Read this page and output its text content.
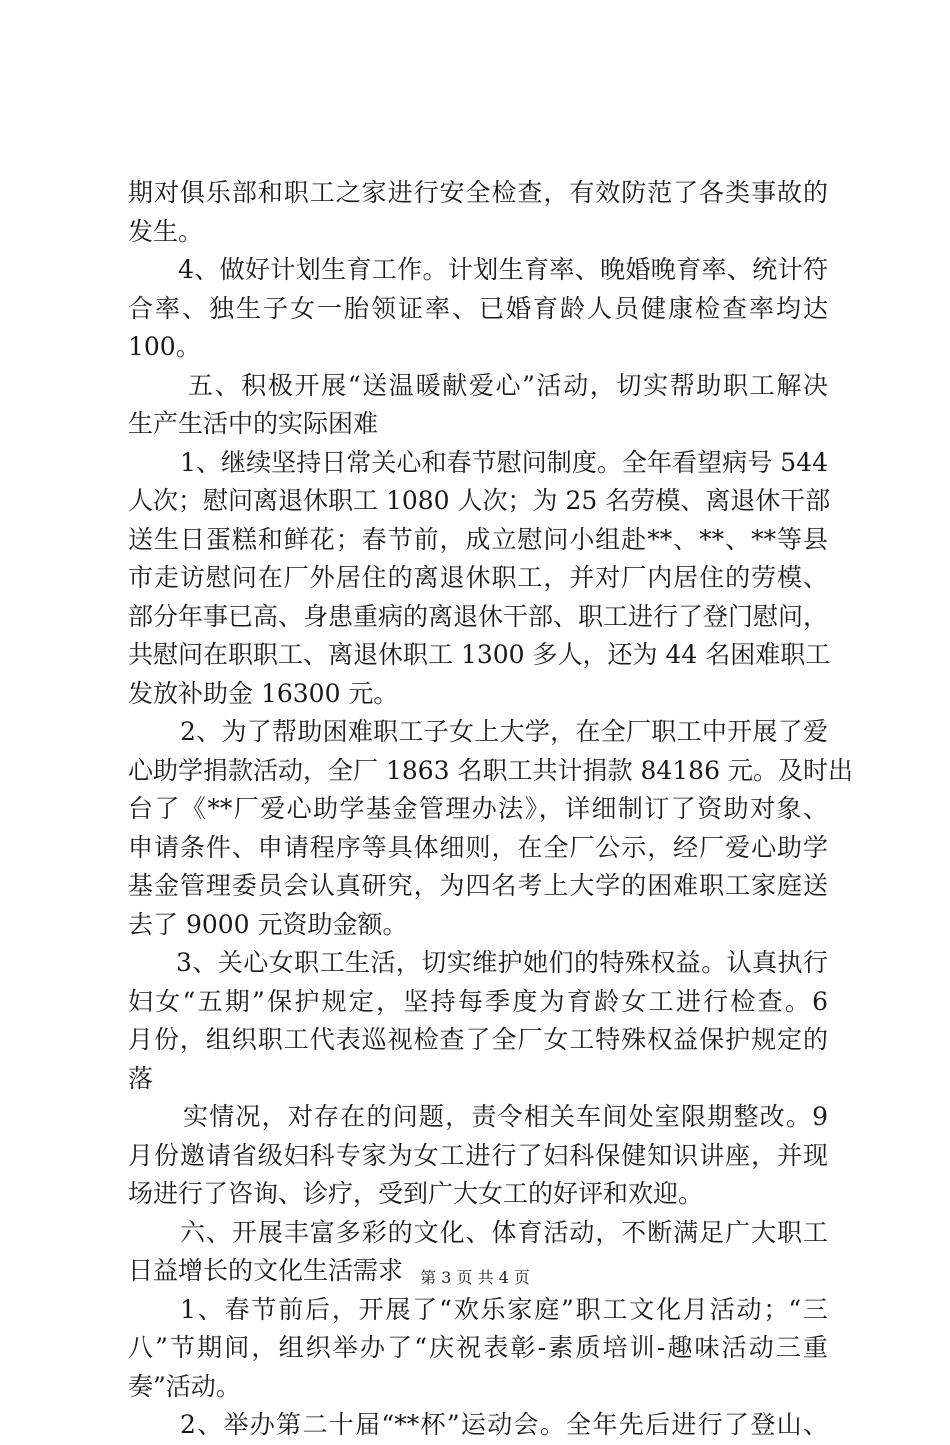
期对俱乐部和职工之家进行安全检查，有效防范了各类事故的
发生。
4、做好计划生育工作。计划生育率、晚婚晚育率、统计符
合率、独生子女一胎领证率、已婚育龄人员健康检查率均达
100。
五、积极开展“送温暖献爱心”活动，切实帮助职工解决
生产生活中的实际困难
1、继续坚持日常关心和春节慰问制度。全年看望病号 544
人次；慰问离退休职工 1080 人次；为 25 名劳模、离退休干部
送生日蛋糕和鲜花；春节前，成立慰问小组赴**、**、**等县
市走访慰问在厂外居住的离退休职工，并对厂内居住的劳模、
部分年事已高、身患重病的离退休干部、职工进行了登门慰问，
共慰问在职职工、离退休职工 1300 多人，还为 44 名困难职工
发放补助金 16300 元。
2、为了帮助困难职工子女上大学，在全厂职工中开展了爱
心助学捐款活动，全厂 1863 名职工共计捐款 84186 元。及时出
台了《**厂爱心助学基金管理办法》，详细制订了资助对象、
申请条件、申请程序等具体细则，在全厂公示，经厂爱心助学
基金管理委员会认真研究，为四名考上大学的困难职工家庭送
去了 9000 元资助金额。
3、关心女职工生活，切实维护她们的特殊权益。认真执行
妇女“五期”保护规定，坚持每季度为育龄女工进行检查。6
月份，组织职工代表巡视检查了全厂女工特殊权益保护规定的
落
实情况，对存在的问题，责令相关车间处室限期整改。9
月份邀请省级妇科专家为女工进行了妇科保健知识讲座，并现
场进行了咨询、诊疗，受到广大女工的好评和欢迎。
六、开展丰富多彩的文化、体育活动，不断满足广大职工
日益增长的文化生活需求
1、春节前后，开展了“欢乐家庭”职工文化月活动；“三
八”节期间，组织举办了“庆祝表彰-素质培训-趣味活动三重
奏”活动。
2、举办第二十届“**杯”运动会。全年先后进行了登山、
第 3 页 共 4 页
